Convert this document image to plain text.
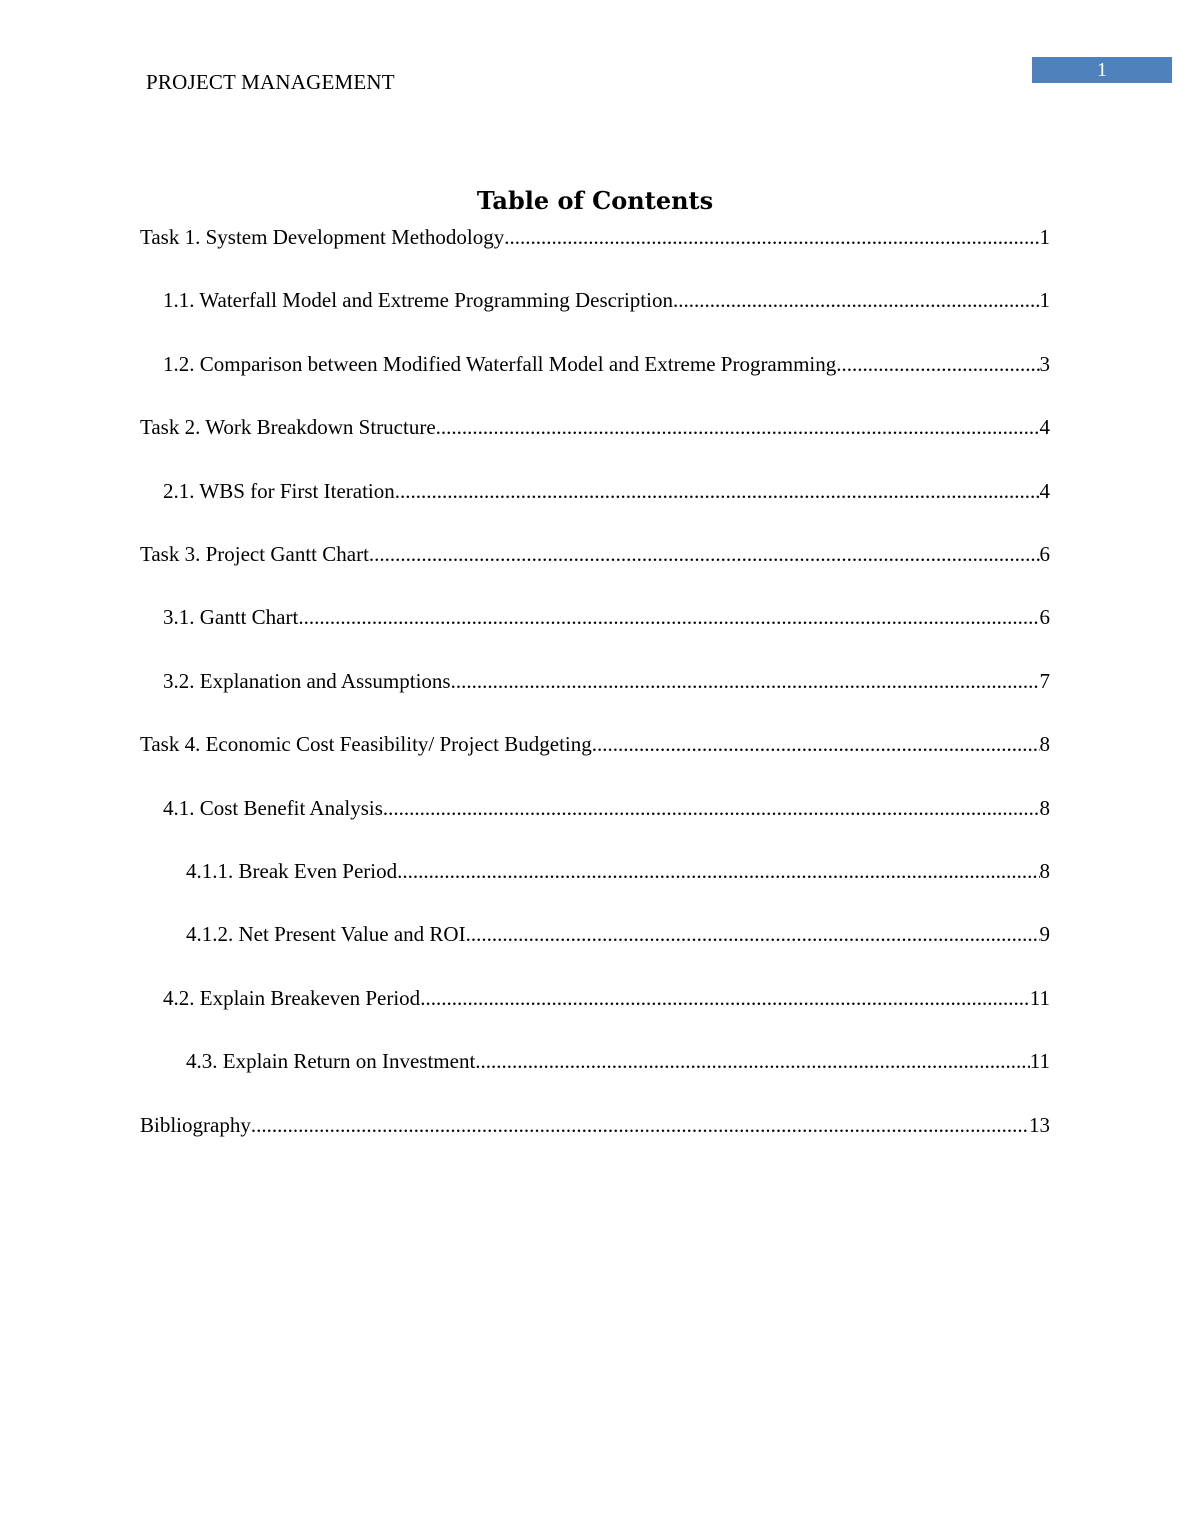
PROJECT MANAGEMENT	1
Table of Contents
Task 1. System Development Methodology .....	1
1.1. Waterfall Model and Extreme Programming Description .....	1
1.2. Comparison between Modified Waterfall Model and Extreme Programming .....	3
Task 2. Work Breakdown Structure .....	4
2.1. WBS for First Iteration .....	4
Task 3. Project Gantt Chart .....	6
3.1. Gantt Chart .....	6
3.2. Explanation and Assumptions .....	7
Task 4. Economic Cost Feasibility/ Project Budgeting .....	8
4.1. Cost Benefit Analysis .....	8
4.1.1. Break Even Period .....	8
4.1.2. Net Present Value and ROI .....	9
4.2. Explain Breakeven Period .....	11
4.3. Explain Return on Investment .....	11
Bibliography .....	13
